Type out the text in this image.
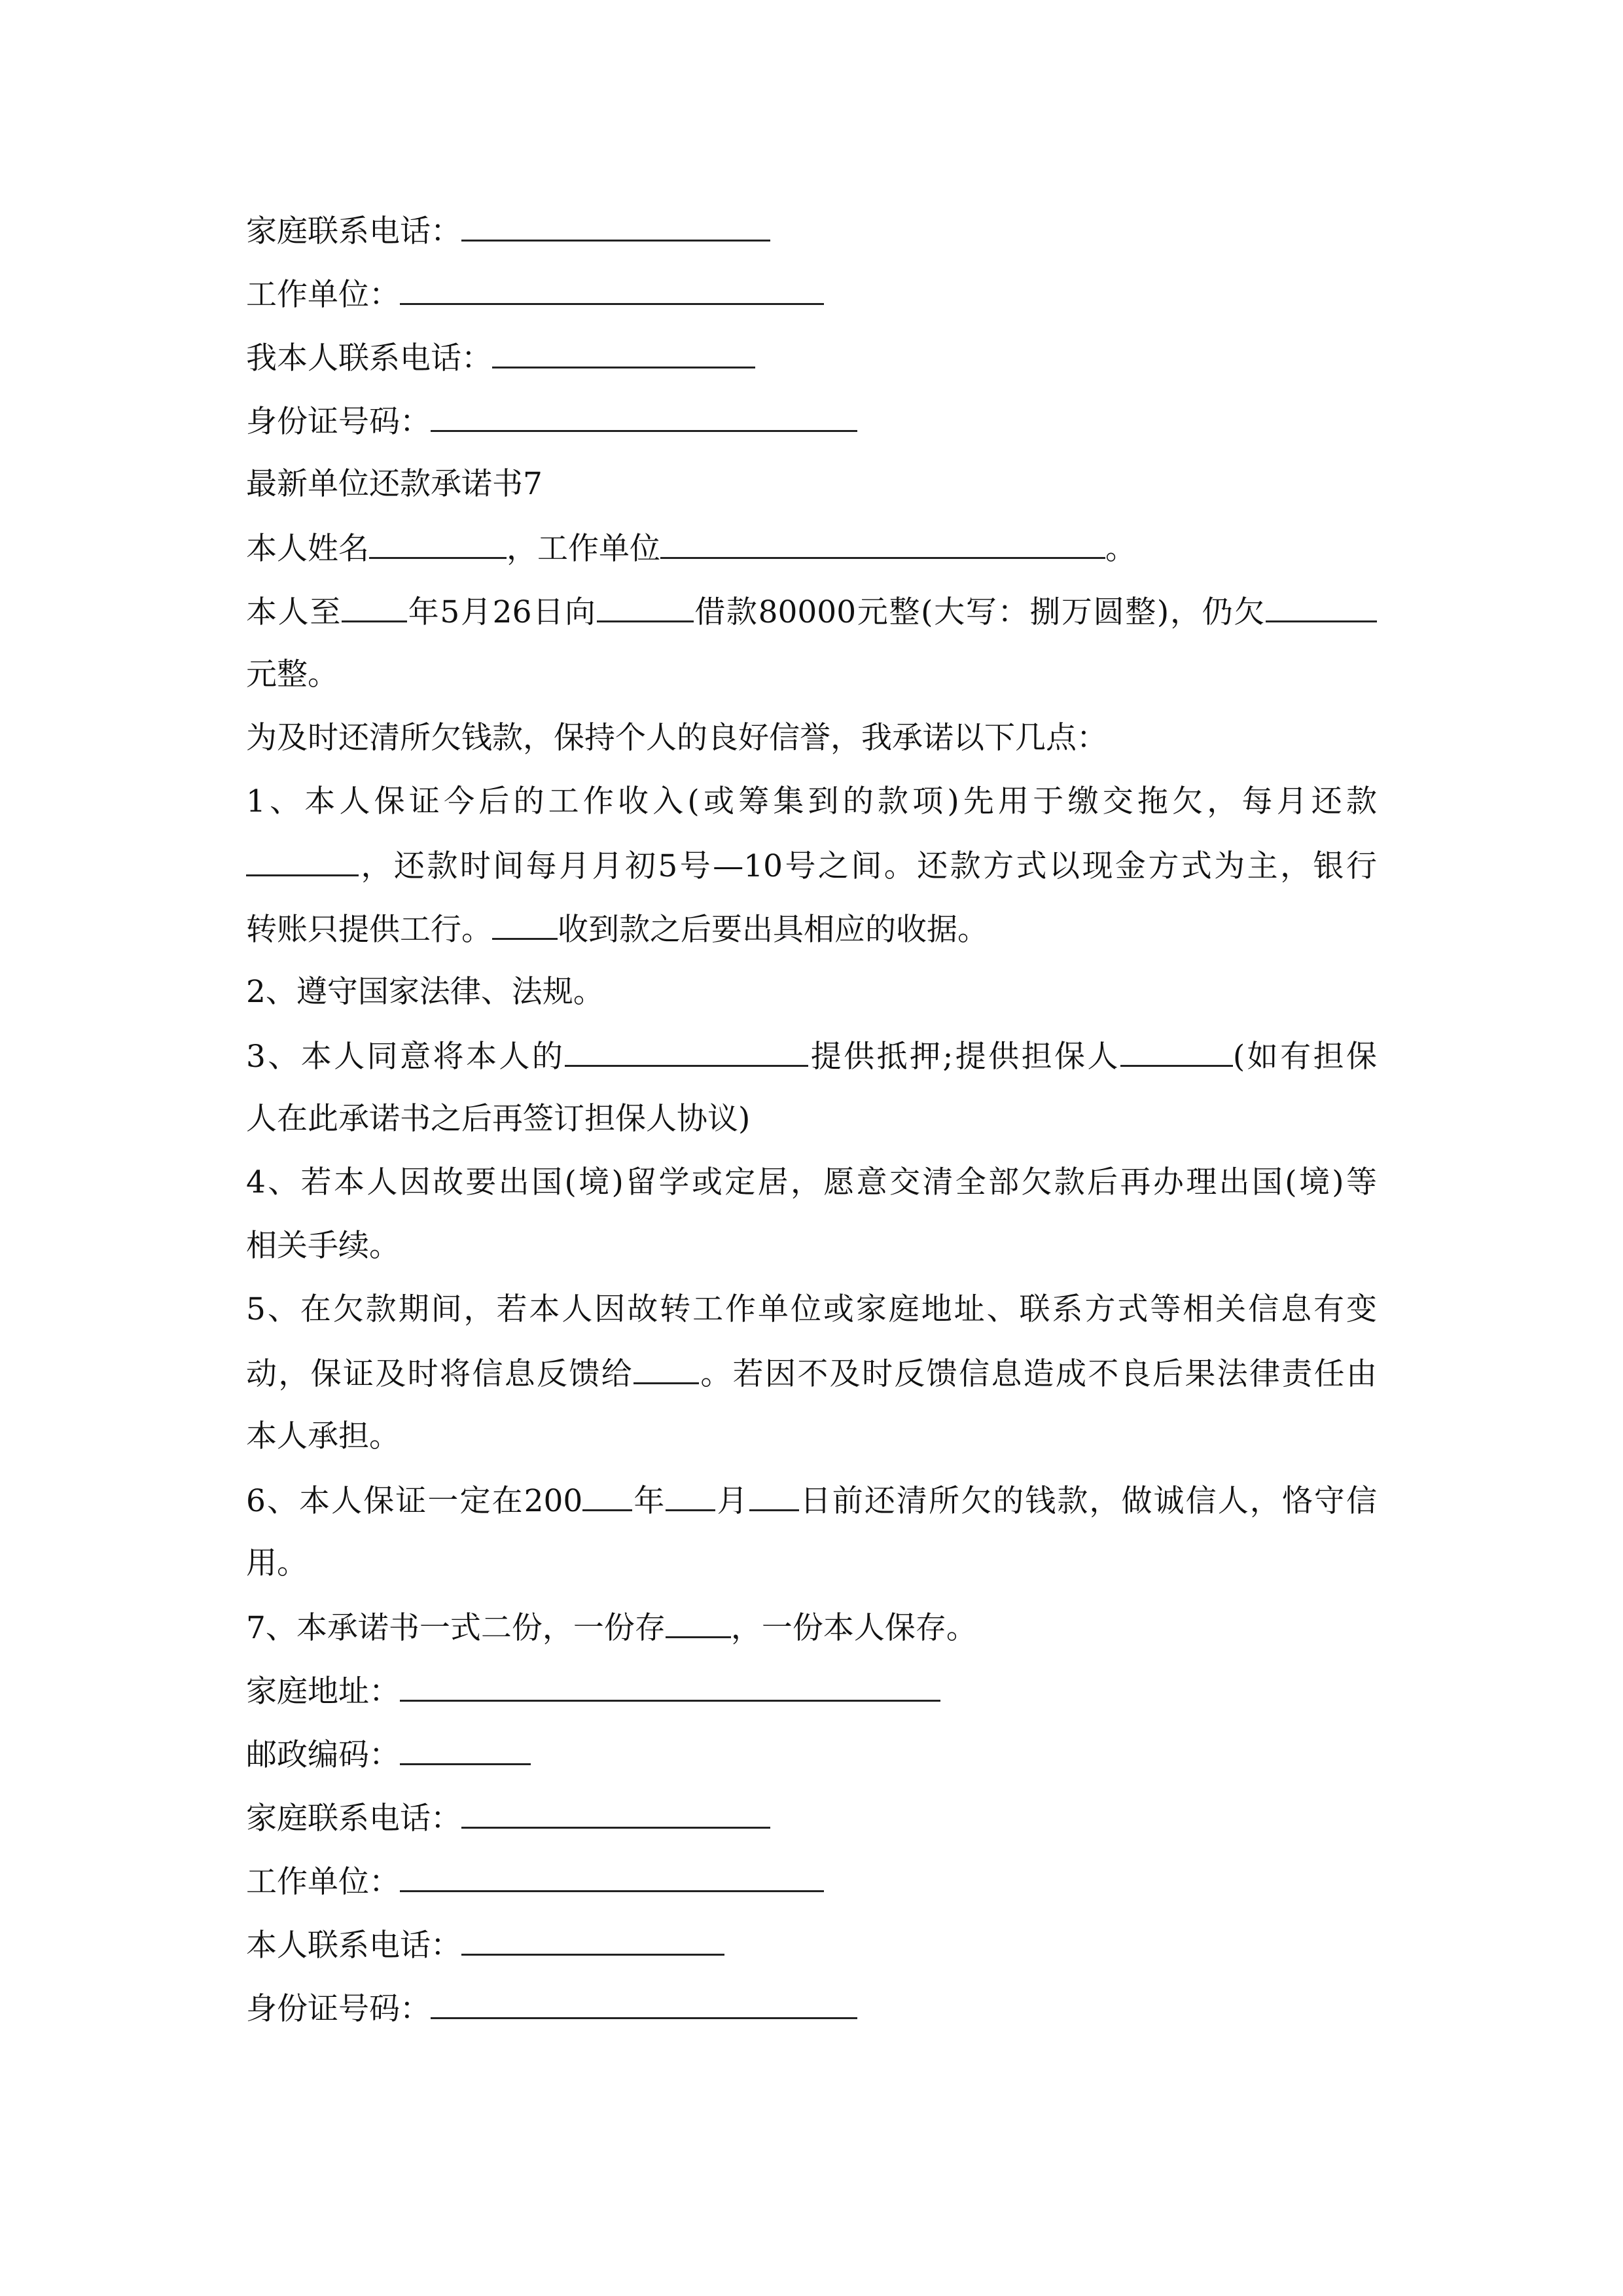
家庭联系电话：
工作单位：
我本人联系电话：
身份证号码：
最新单位还款承诺书7
本人姓名	，工作单位	。
本人至 年5月26日向	借款80000元整(大写：捌万圆整)，仍欠
元整。
为及时还清所欠钱款，保持个人的良好信誉，我承诺以下几点：
1、本人保证今后的工作收入(或筹集到的款项)先用于缴交拖欠，每月还款
，还款时间每月月初5号—10号之间。还款方式以现金方式为主，银行
转账只提供工行。 收到款之后要出具相应的收据。
2、遵守国家法律、法规。
3、本人同意将本人的	提供抵押;提供担保人	(如有担保
人在此承诺书之后再签订担保人协议)
4、若本人因故要出国(境)留学或定居，愿意交清全部欠款后再办理出国(境)等
相关手续。
5、在欠款期间，若本人因故转工作单位或家庭地址、联系方式等相关信息有变
动，保证及时将信息反馈给 。若因不及时反馈信息造成不良后果法律责任由
本人承担。
6、本人保证一定在200 年 月 日前还清所欠的钱款，做诚信人，恪守信
用。
7、本承诺书一式二份，一份存 ，一份本人保存。
家庭地址：
邮政编码：
家庭联系电话：
工作单位：
本人联系电话：
身份证号码：
